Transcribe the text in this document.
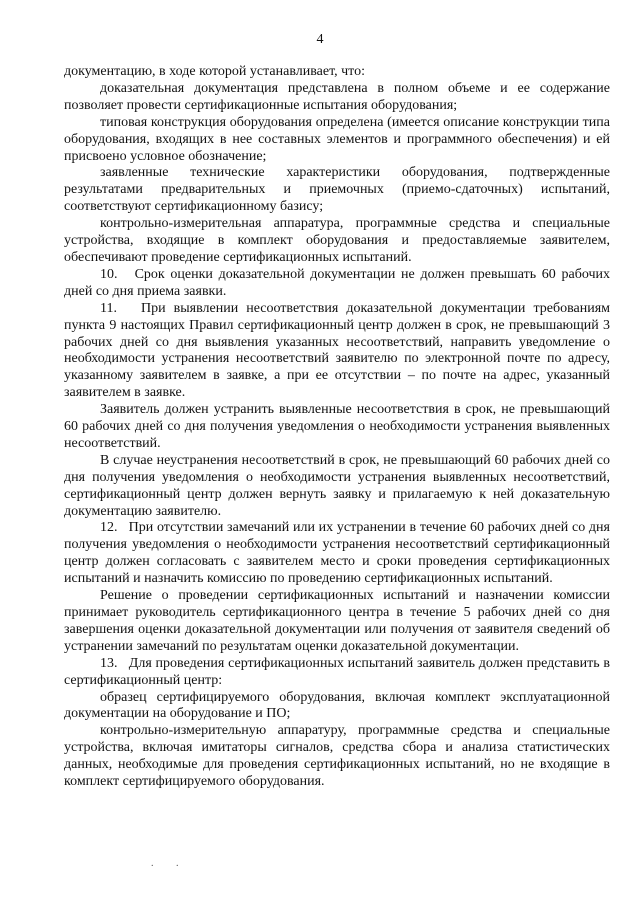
4

документацию, в ходе которой устанавливает, что:

доказательная документация представлена в полном объеме и ее содержание позволяет провести сертификационные испытания оборудования;

типовая конструкция оборудования определена (имеется описание конструкции типа оборудования, входящих в нее составных элементов и программного обеспечения) и ей присвоено условное обозначение;

заявленные технические характеристики оборудования, подтвержденные результатами предварительных и приемочных (приемо-сдаточных) испытаний, соответствуют сертификационному базису;

контрольно-измерительная аппаратура, программные средства и специальные устройства, входящие в комплект оборудования и предоставляемые заявителем, обеспечивают проведение сертификационных испытаний.

10.   Срок оценки доказательной документации не должен превышать 60 рабочих дней со дня приема заявки.

11.   При выявлении несоответствия доказательной документации требованиям пункта 9 настоящих Правил сертификационный центр должен в срок, не превышающий 3 рабочих дней со дня выявления указанных несоответствий, направить уведомление о необходимости устранения несоответствий заявителю по электронной почте по адресу, указанному заявителем в заявке, а при ее отсутствии – по почте на адрес, указанный заявителем в заявке.

Заявитель должен устранить выявленные несоответствия в срок, не превышающий 60 рабочих дней со дня получения уведомления о необходимости устранения выявленных несоответствий.

В случае неустранения несоответствий в срок, не превышающий 60 рабочих дней со дня получения уведомления о необходимости устранения выявленных несоответствий, сертификационный центр должен вернуть заявку и прилагаемую к ней доказательную документацию заявителю.

12.   При отсутствии замечаний или их устранении в течение 60 рабочих дней со дня получения уведомления о необходимости устранения несоответствий сертификационный центр должен согласовать с заявителем место и сроки проведения сертификационных испытаний и назначить комиссию по проведению сертификационных испытаний.

Решение о проведении сертификационных испытаний и назначении комиссии принимает руководитель сертификационного центра в течение 5 рабочих дней со дня завершения оценки доказательной документации или получения от заявителя сведений об устранении замечаний по результатам оценки доказательной документации.

13.   Для проведения сертификационных испытаний заявитель должен представить в сертификационный центр:

образец сертифицируемого оборудования, включая комплект эксплуатационной документации на оборудование и ПО;

контрольно-измерительную аппаратуру, программные средства и специальные устройства, включая имитаторы сигналов, средства сбора и анализа статистических данных, необходимые для проведения сертификационных испытаний, но не входящие в комплект сертифицируемого оборудования.

. .
